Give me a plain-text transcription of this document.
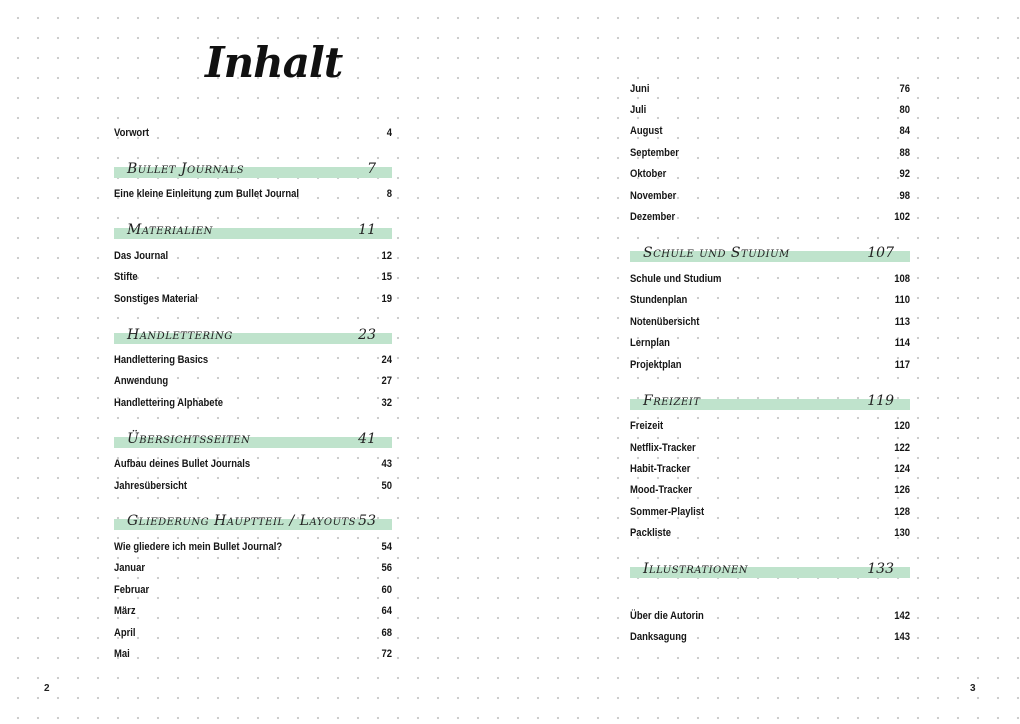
Inhalt
Vorwort	4
Bullet Journals	7
Eine kleine Einleitung zum Bullet Journal	8
Materialien	11
Das Journal	12
Stifte	15
Sonstiges Material	19
Handlettering	23
Handlettering Basics	24
Anwendung	27
Handlettering Alphabete	32
Übersichtsseiten	41
Aufbau deines Bullet Journals	43
Jahresübersicht	50
Gliederung Hauptteil / Layouts 53
Wie gliedere ich mein Bullet Journal?	54
Januar	56
Februar	60
März	64
April	68
Mai	72
Juni	76
Juli	80
August	84
September	88
Oktober	92
November	98
Dezember	102
Schule und Studium	107
Schule und Studium	108
Stundenplan	110
Notenübersicht	113
Lernplan	114
Projektplan	117
Freizeit	119
Freizeit	120
Netflix-Tracker	122
Habit-Tracker	124
Mood-Tracker	126
Sommer-Playlist	128
Packliste	130
Illustrationen	133
Über die Autorin	142
Danksagung	143
2	3
